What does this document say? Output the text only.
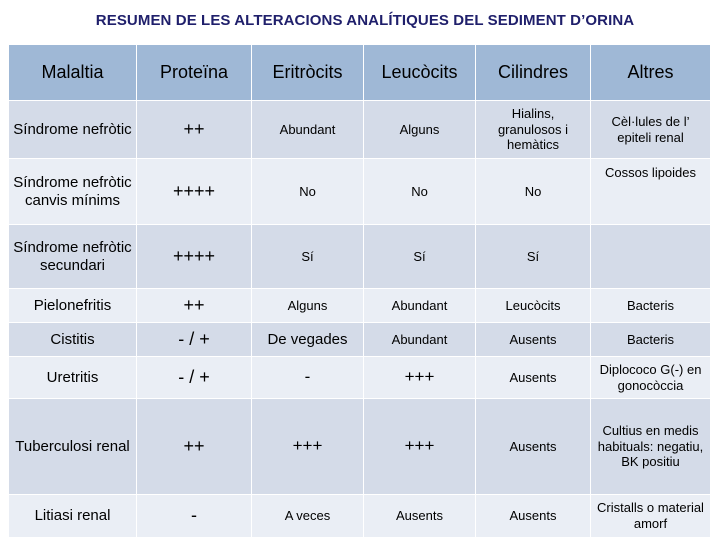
RESUMEN DE LES ALTERACIONS ANALÍTIQUES DEL SEDIMENT D’ORINA
Malaltia	Proteïna	Eritròcits	Leucòcits	Cilindres	Altres
Síndrome nefròtic	++	Abundant	Alguns	Hialins, granulosos i hemàtics	Cèl·lules de l’ epiteli renal
Síndrome nefròtic canvis mínims	++++	No	No	No	Cossos lipoides
Síndrome nefròtic secundari	++++	Sí	Sí	Sí	
Pielonefritis	++	Alguns	Abundant	Leucòcits	Bacteris
Cistitis	- / +	De vegades	Abundant	Ausents	Bacteris
Uretritis	- / +	-	+++	Ausents	Diplococo G(-) en gonocòccia
Tuberculosi renal	++	+++	+++	Ausents	Cultius en medis habituals: negatiu, BK positiu
Litiasi renal	-	A veces	Ausents	Ausents	Cristalls o material amorf
